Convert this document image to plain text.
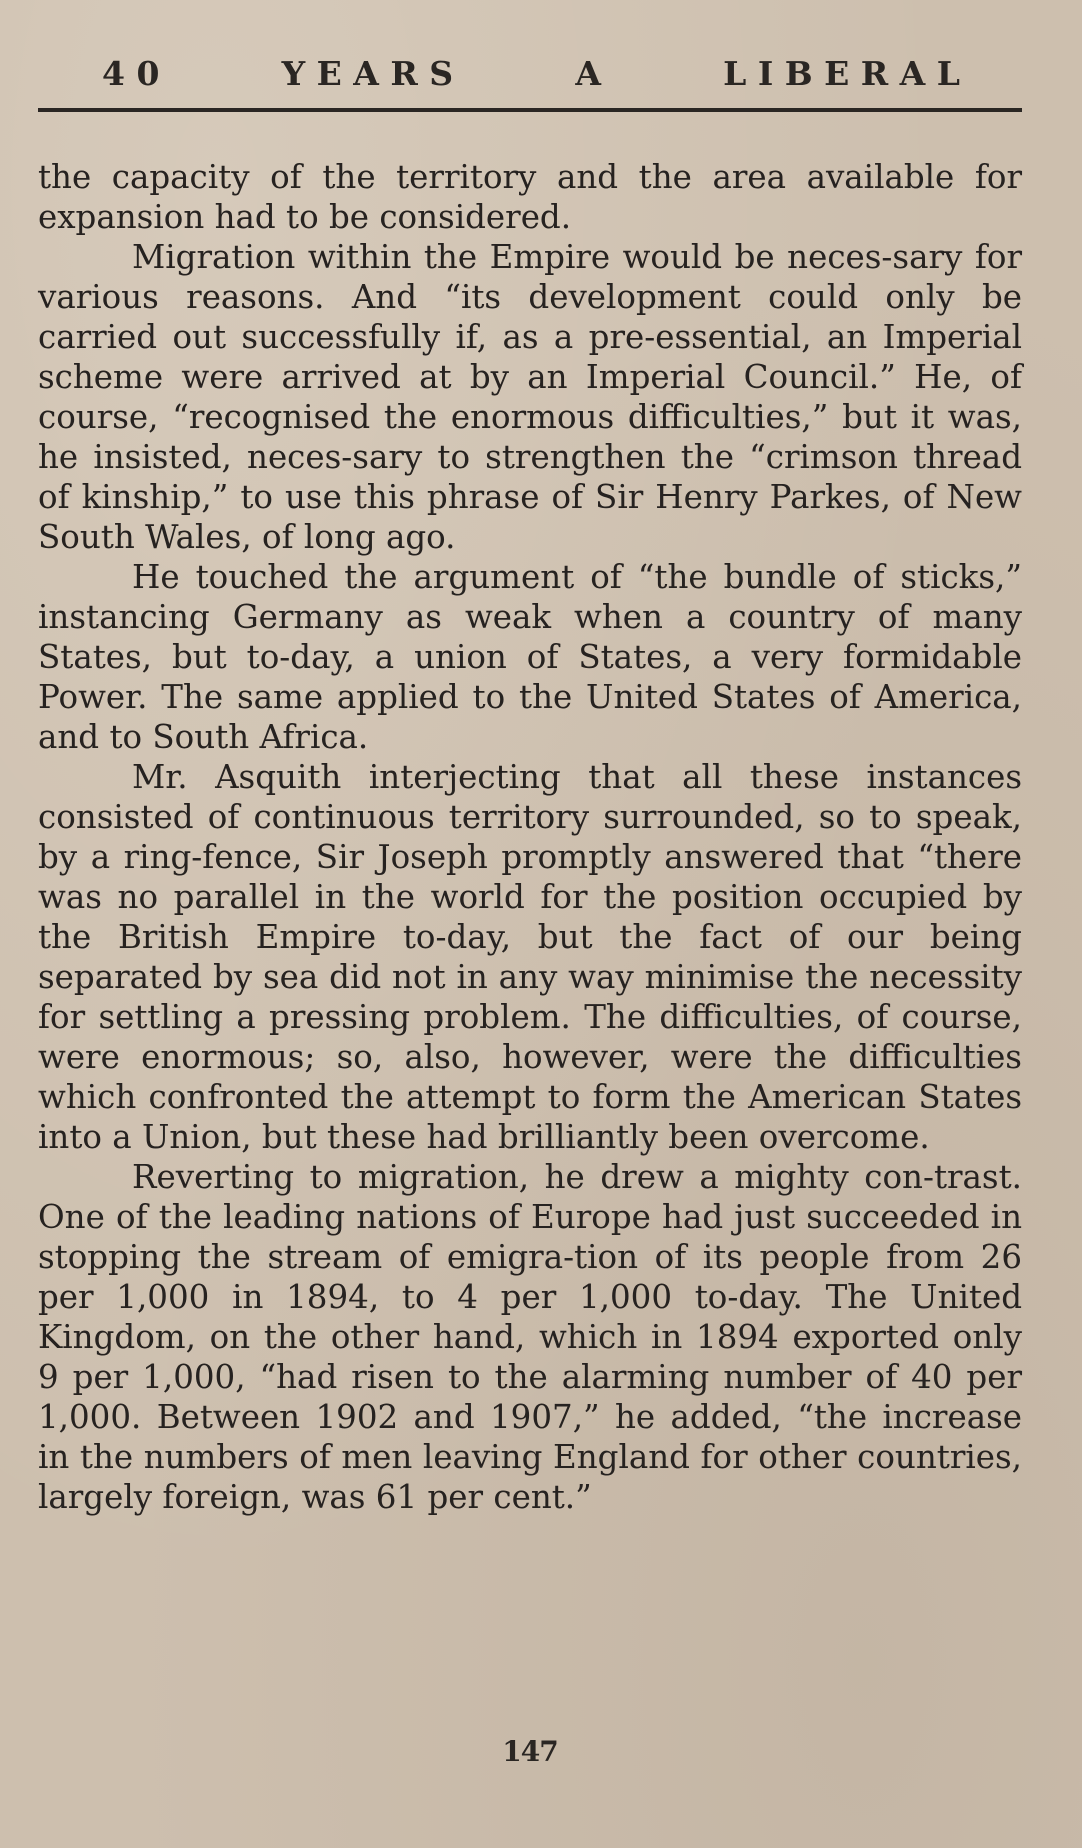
4 0	Y E A R S	A	L I B E R A L

the capacity of the territory and the area available for expansion had to be considered.

Migration within the Empire would be neces-sary for various reasons. And “its development could only be carried out successfully if, as a pre-essential, an Imperial scheme were arrived at by an Imperial Council.” He, of course, “recognised the enormous difficulties,” but it was, he insisted, neces-sary to strengthen the “crimson thread of kinship,” to use this phrase of Sir Henry Parkes, of New South Wales, of long ago.

He touched the argument of “the bundle of sticks,” instancing Germany as weak when a country of many States, but to-day, a union of States, a very formidable Power. The same applied to the United States of America, and to South Africa.

Mr. Asquith interjecting that all these instances consisted of continuous territory surrounded, so to speak, by a ring-fence, Sir Joseph promptly answered that “there was no parallel in the world for the position occupied by the British Empire to-day, but the fact of our being separated by sea did not in any way minimise the necessity for settling a pressing problem. The difficulties, of course, were enormous; so, also, however, were the difficulties which confronted the attempt to form the American States into a Union, but these had brilliantly been overcome.

Reverting to migration, he drew a mighty con-trast. One of the leading nations of Europe had just succeeded in stopping the stream of emigra-tion of its people from 26 per 1,000 in 1894, to 4 per 1,000 to-day. The United Kingdom, on the other hand, which in 1894 exported only 9 per 1,000, “had risen to the alarming number of 40 per 1,000. Between 1902 and 1907,” he added, “the increase in the numbers of men leaving England for other countries, largely foreign, was 61 per cent.”

147
